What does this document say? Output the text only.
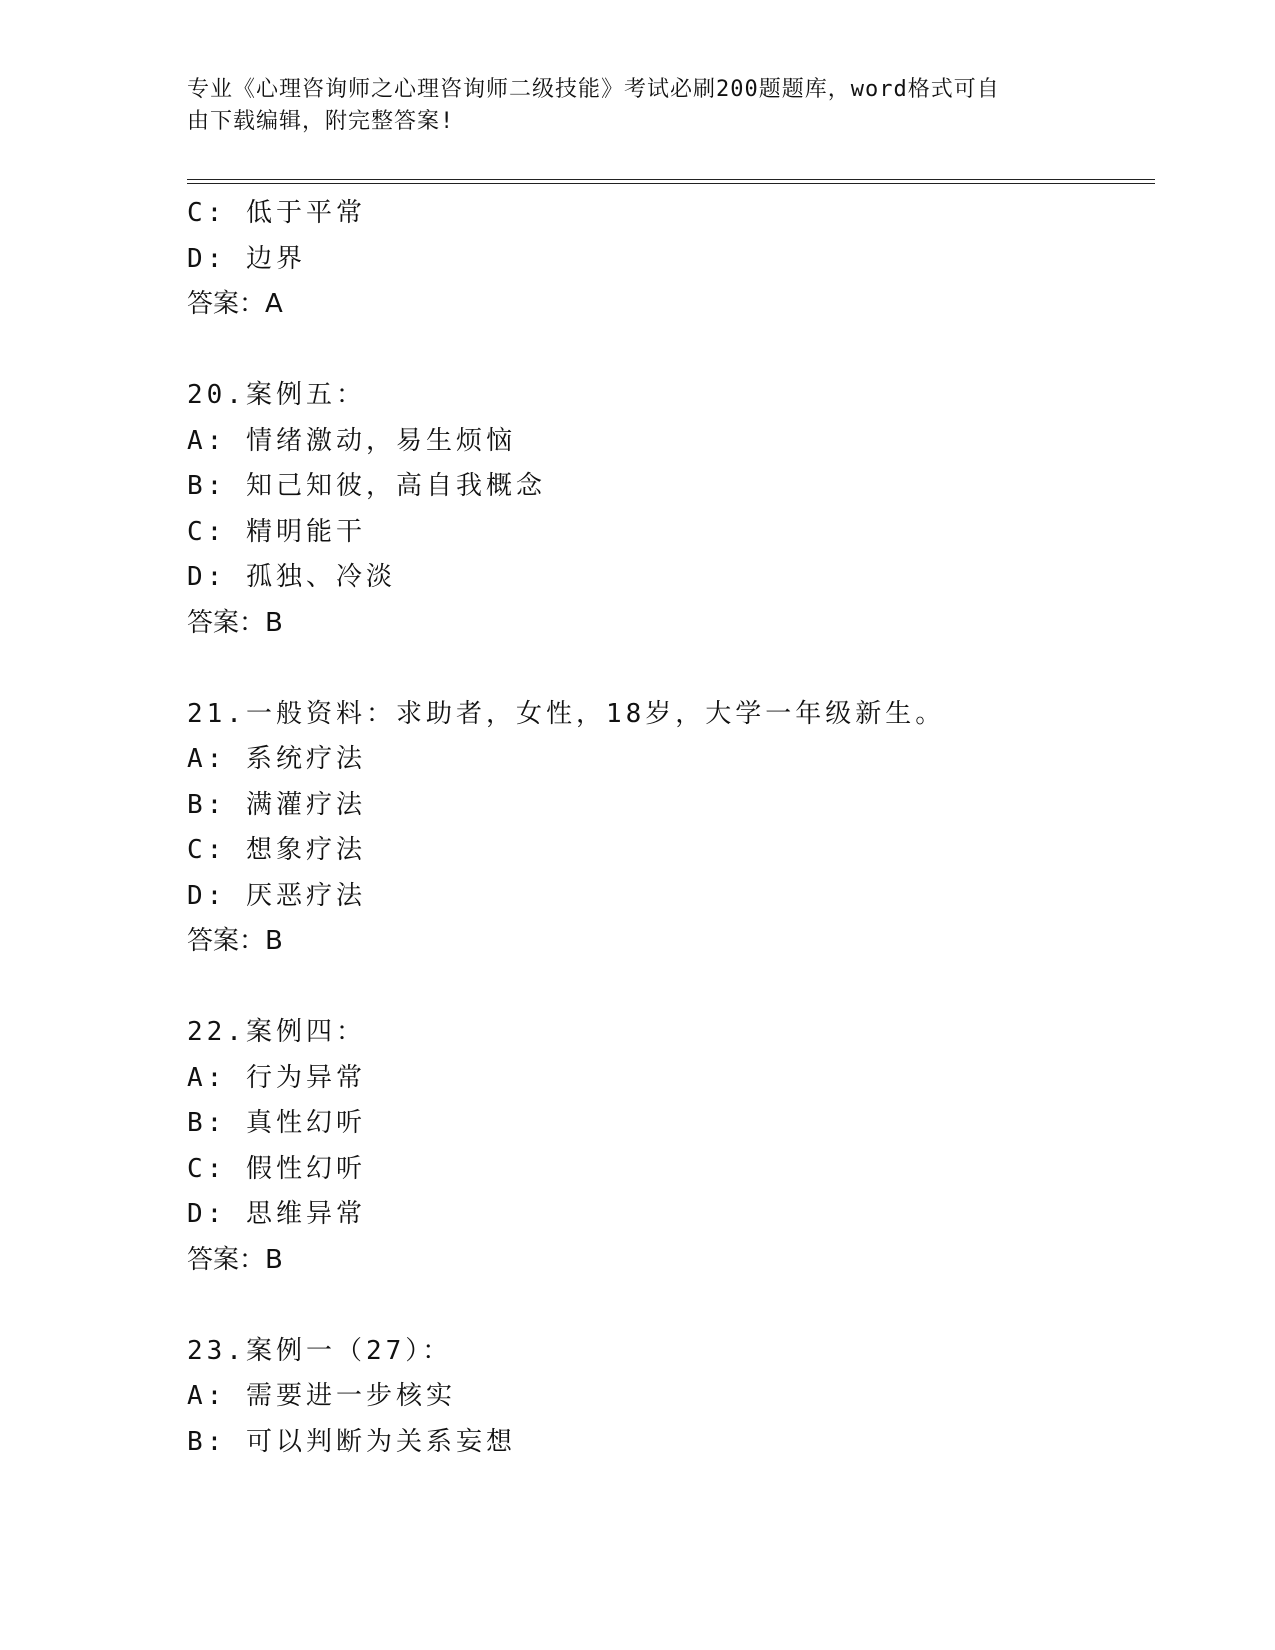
专业《心理咨询师之心理咨询师二级技能》考试必刷200题题库，word格式可自
由下载编辑，附完整答案!
C: 低于平常
D: 边界
答案：A
20.案例五：
A: 情绪激动，易生烦恼
B: 知己知彼，高自我概念
C: 精明能干
D: 孤独、冷淡
答案：B
21.一般资料：求助者，女性，18岁，大学一年级新生。
A: 系统疗法
B: 满灌疗法
C: 想象疗法
D: 厌恶疗法
答案：B
22.案例四：
A: 行为异常
B: 真性幻听
C: 假性幻听
D: 思维异常
答案：B
23.案例一（27）：
A: 需要进一步核实
B: 可以判断为关系妄想
